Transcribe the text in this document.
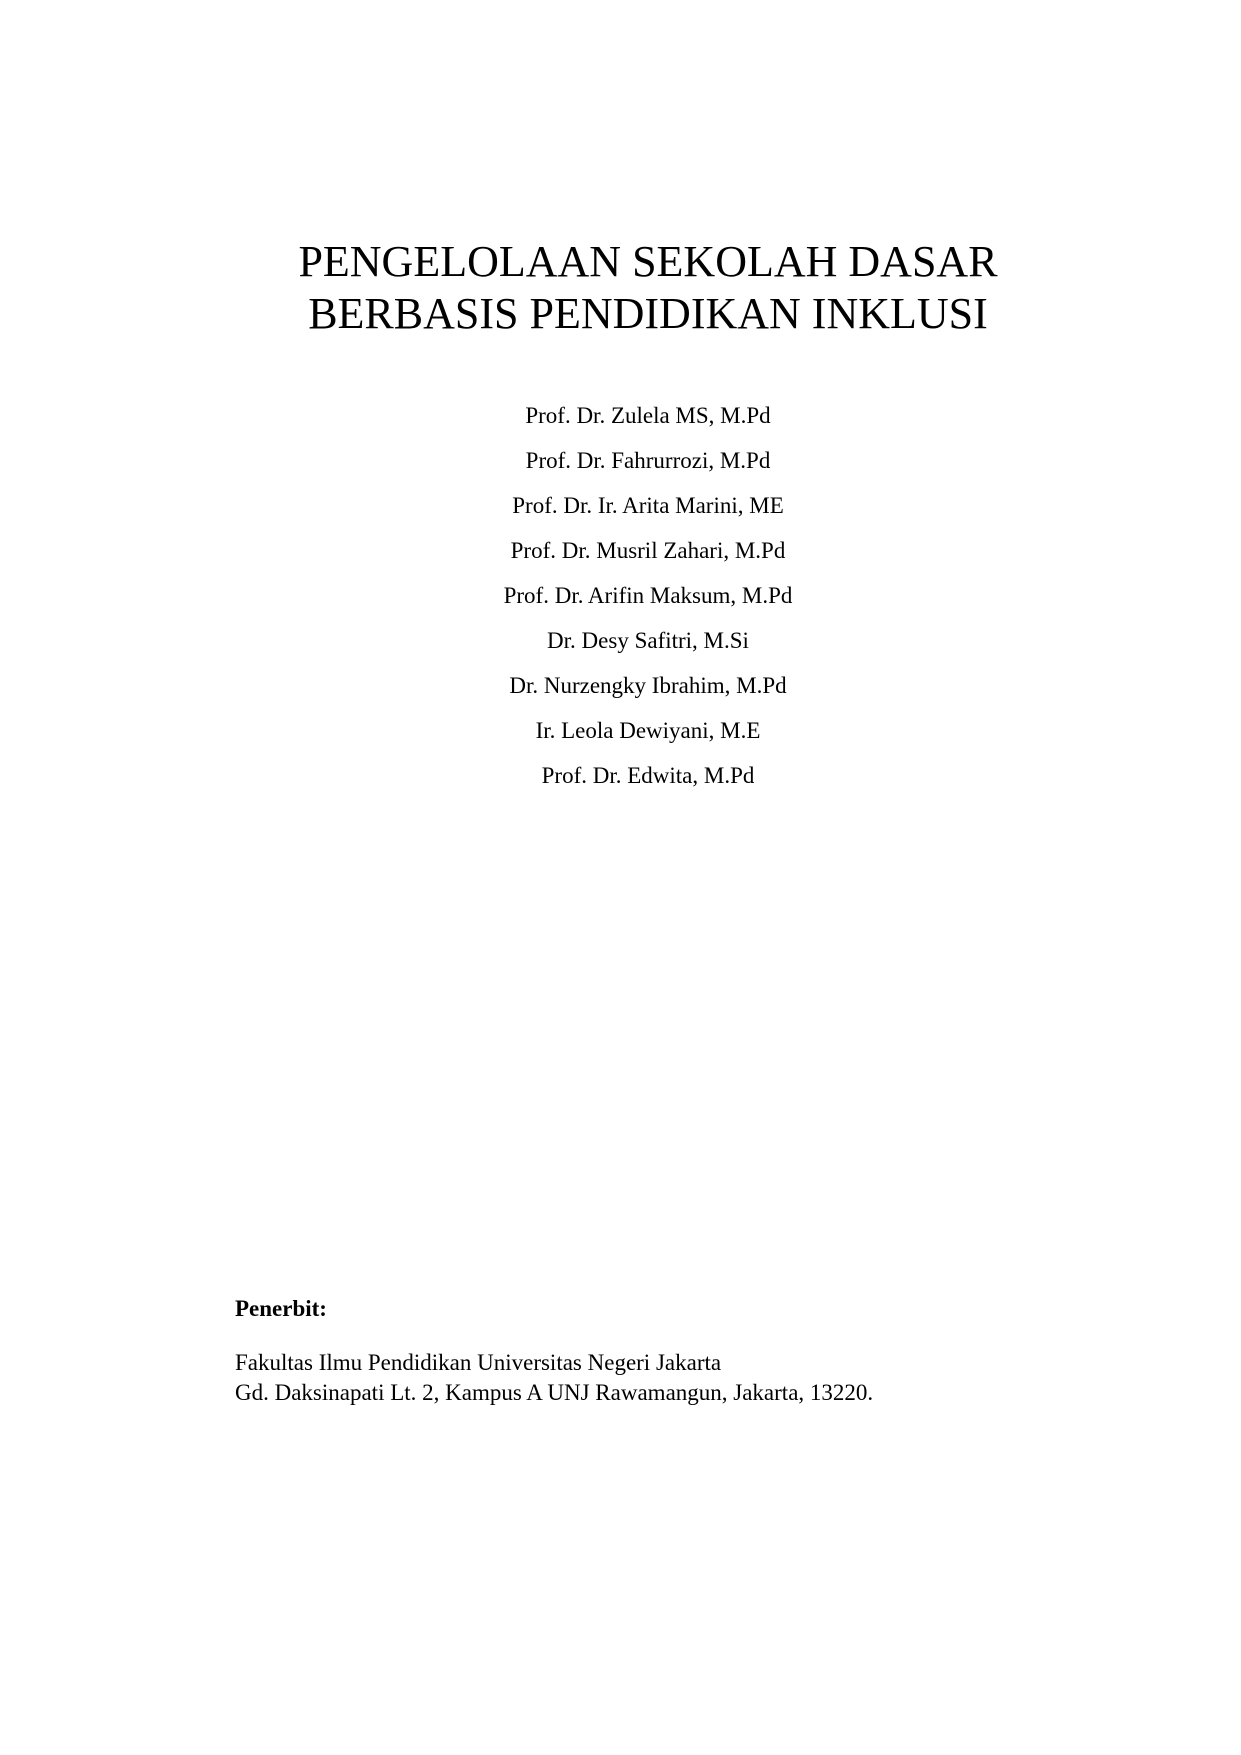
PENGELOLAAN SEKOLAH DASAR
BERBASIS PENDIDIKAN INKLUSI
Prof. Dr. Zulela MS, M.Pd
Prof. Dr. Fahrurrozi, M.Pd
Prof. Dr. Ir. Arita Marini, ME
Prof. Dr. Musril Zahari, M.Pd
Prof. Dr. Arifin Maksum, M.Pd
Dr. Desy Safitri, M.Si
Dr. Nurzengky Ibrahim, M.Pd
Ir. Leola Dewiyani, M.E
Prof. Dr. Edwita, M.Pd

Penerbit:

Fakultas Ilmu Pendidikan Universitas Negeri Jakarta
Gd. Daksinapati Lt. 2, Kampus A UNJ Rawamangun, Jakarta, 13220.
